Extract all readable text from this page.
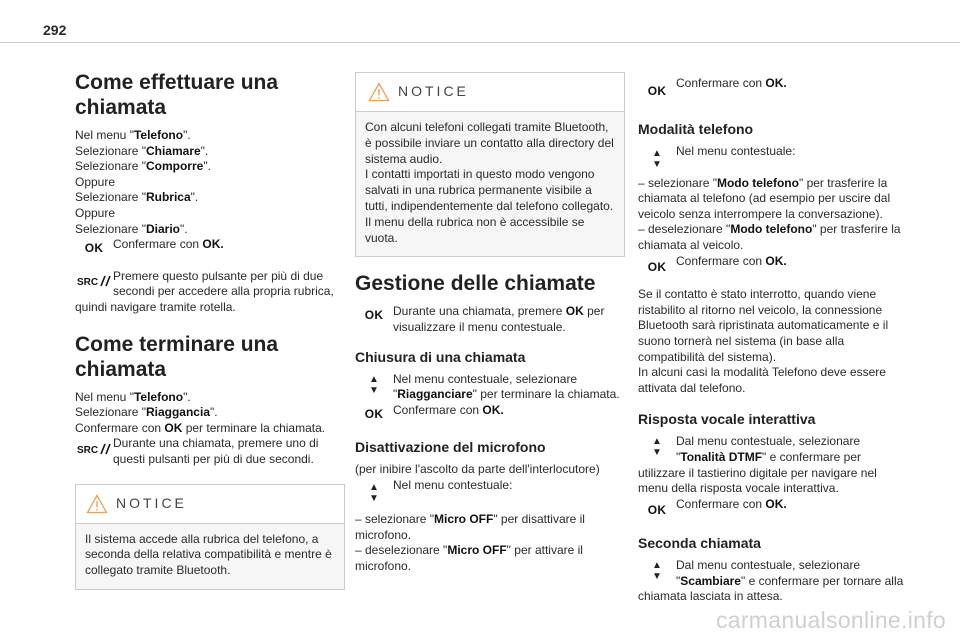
292
Come effettuare una chiamata

Nel menu "Telefono".

Selezionare "Chiamare".

Selezionare "Comporre".

Oppure

Selezionare "Rubrica".

Oppure

Selezionare "Diario".

OK Confermare con OK.

SRC	Premere questo pulsante per più di due secondi per accedere alla propria rubrica, quindi navigare tramite rotella.

Come terminare una chiamata

Nel menu "Telefono".

Selezionare "Riaggancia".

Confermare con OK per terminare la chiamata.

SRC

Durante una chiamata, premere uno di questi pulsanti per più di due secondi.

NOTICE
Il sistema accede alla rubrica del telefono, a seconda della relativa compatibilità e mentre è collegato tramite Bluetooth.
NOTICE
Con alcuni telefoni collegati tramite Bluetooth, è possibile inviare un contatto alla directory del sistema audio.
I contatti importati in questo modo vengono salvati in una rubrica permanente visibile a tutti, indipendentemente dal telefono collegato.
Il menu della rubrica non è accessibile se vuota.
Gestione delle chiamate
OK Durante una chiamata, premere OK per visualizzare il menu contestuale.

Chiusura di una chiamata
▲
▼

Nel menu contestuale, selezionare "Riagganciare" per terminare la chiamata.

OK Confermare con OK.

Disattivazione del microfono

(per inibire l'ascolto da parte dell'interlocutore)

▲
▼

Nel menu contestuale:

– selezionare "Micro OFF" per disattivare il microfono.

– deselezionare "Micro OFF" per attivare il microfono.

OK

Confermare con OK.

Modalità telefono
▲
▼

Nel menu contestuale:

– selezionare "Modo telefono" per trasferire la chiamata al telefono (ad esempio per uscire dal veicolo senza interrompere la conversazione).

– deselezionare "Modo telefono" per trasferire la chiamata al veicolo.

OK Confermare con OK.

Se il contatto è stato interrotto, quando viene ristabilito al ritorno nel veicolo, la connessione Bluetooth sarà ripristinata automaticamente e il suono tornerà nel sistema (in base alla compatibilità del sistema).
In alcuni casi la modalità Telefono deve essere attivata dal telefono.

Risposta vocale interattiva
▲
▼

Dal menu contestuale, selezionare "Tonalità DTMF" e confermare per utilizzare il tastierino digitale per navigare nel menu della risposta vocale interattiva.

OK Confermare con OK.

Seconda chiamata
▲
▼

Dal menu contestuale, selezionare "Scambiare" e confermare per tornare alla chiamata lasciata in attesa.

carmanualsonline.info
